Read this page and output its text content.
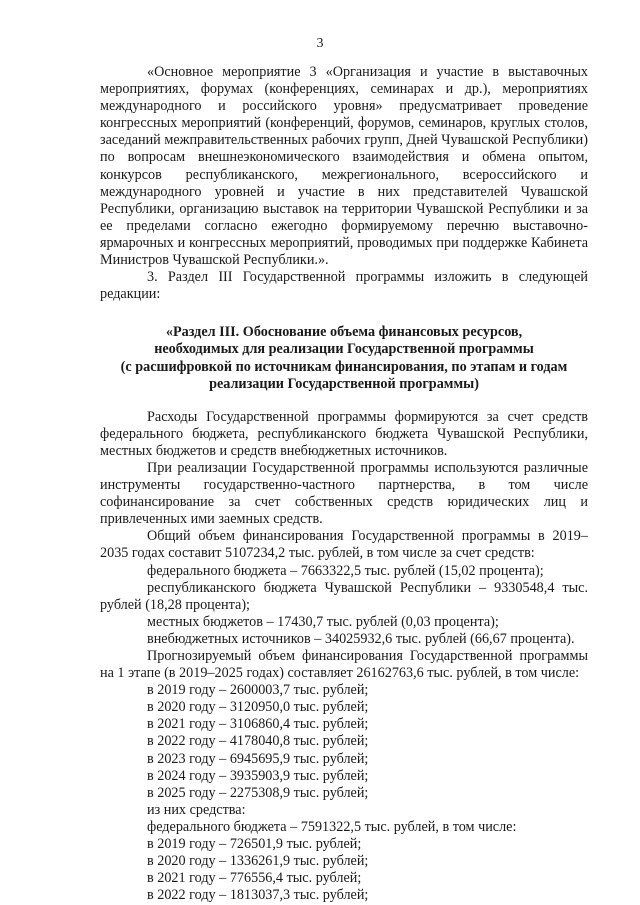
3

«Основное мероприятие 3 «Организация и участие в выставочных мероприятиях, форумах (конференциях, семинарах и др.), мероприятиях международного и российского уровня» предусматривает проведение конгрессных мероприятий (конференций, форумов, семинаров, круглых столов, заседаний межправительственных рабочих групп, Дней Чувашской Республики) по вопросам внешнеэкономического взаимодействия и обмена опытом, конкурсов республиканского, межрегионального, всероссийского и международного уровней и участие в них представителей Чувашской Республики, организацию выставок на территории Чувашской Республики и за ее пределами согласно ежегодно формируемому перечню выставочно-ярмарочных и конгрессных мероприятий, проводимых при поддержке Кабинета Министров Чувашской Республики.».

3. Раздел III Государственной программы изложить в следующей редакции:

«Раздел III. Обоснование объема финансовых ресурсов,
необходимых для реализации Государственной программы
(с расшифровкой по источникам финансирования, по этапам и годам
реализации Государственной программы)

Расходы Государственной программы формируются за счет средств федерального бюджета, республиканского бюджета Чувашской Республики, местных бюджетов и средств внебюджетных источников.

При реализации Государственной программы используются различные инструменты государственно-частного партнерства, в том числе софинансирование за счет собственных средств юридических лиц и привлеченных ими заемных средств.

Общий объем финансирования Государственной программы в 2019–2035 годах составит 5107234,2 тыс. рублей, в том числе за счет средств:

федерального бюджета – 7663322,5 тыс. рублей (15,02 процента);

республиканского бюджета Чувашской Республики – 9330548,4 тыс. рублей (18,28 процента);

местных бюджетов – 17430,7 тыс. рублей (0,03 процента);

внебюджетных источников – 34025932,6 тыс. рублей (66,67 процента).

Прогнозируемый объем финансирования Государственной программы на 1 этапе (в 2019–2025 годах) составляет 26162763,6 тыс. рублей, в том числе:

в 2019 году – 2600003,7 тыс. рублей;

в 2020 году – 3120950,0 тыс. рублей;

в 2021 году – 3106860,4 тыс. рублей;

в 2022 году – 4178040,8 тыс. рублей;

в 2023 году – 6945695,9 тыс. рублей;

в 2024 году – 3935903,9 тыс. рублей;

в 2025 году – 2275308,9 тыс. рублей;

из них средства:

федерального бюджета – 7591322,5 тыс. рублей, в том числе:

в 2019 году – 726501,9 тыс. рублей;

в 2020 году – 1336261,9 тыс. рублей;

в 2021 году – 776556,4 тыс. рублей;

в 2022 году – 1813037,3 тыс. рублей;
